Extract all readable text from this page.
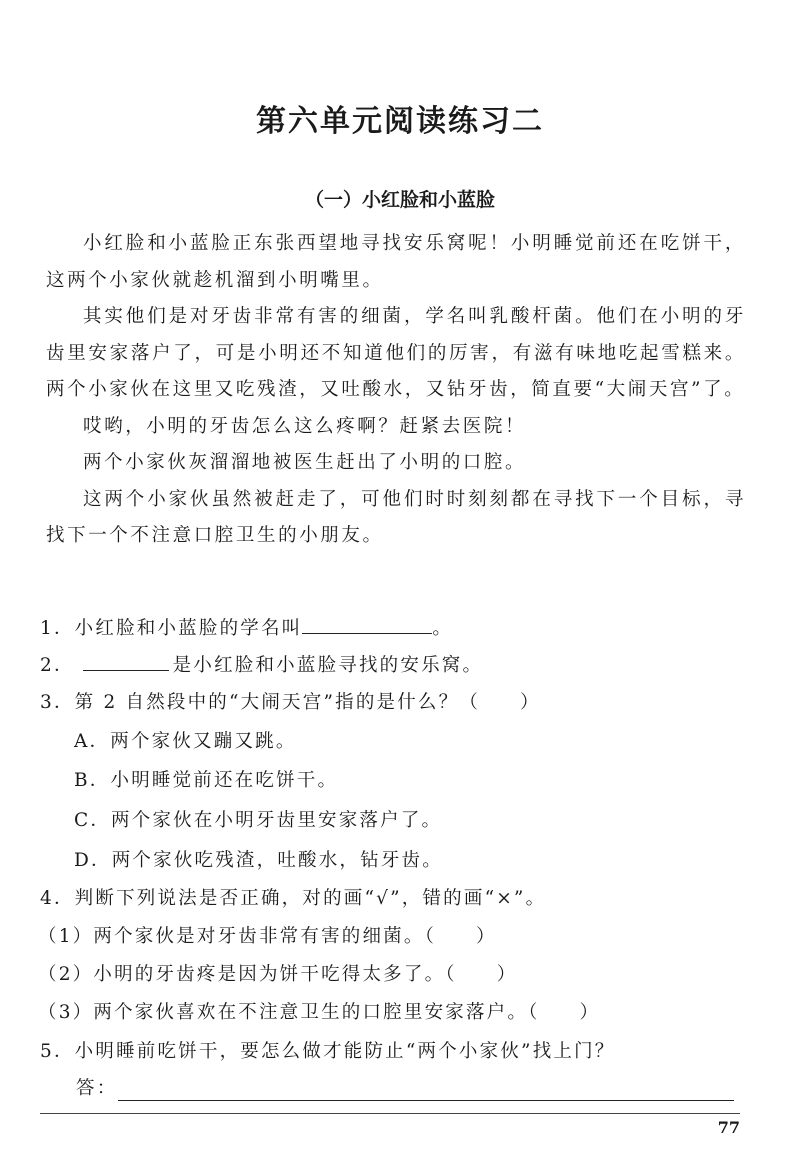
第六单元阅读练习二
（一）小红脸和小蓝脸

小红脸和小蓝脸正东张西望地寻找安乐窝呢！小明睡觉前还在吃饼干，这两个小家伙就趁机溜到小明嘴里。

其实他们是对牙齿非常有害的细菌，学名叫乳酸杆菌。他们在小明的牙齿里安家落户了，可是小明还不知道他们的厉害，有滋有味地吃起雪糕来。两个小家伙在这里又吃残渣，又吐酸水，又钻牙齿，简直要“大闹天宫”了。

哎哟，小明的牙齿怎么这么疼啊？赶紧去医院！

两个小家伙灰溜溜地被医生赶出了小明的口腔。

这两个小家伙虽然被赶走了，可他们时时刻刻都在寻找下一个目标，寻找下一个不注意口腔卫生的小朋友。

1．小红脸和小蓝脸的学名叫	。
2．	是小红脸和小蓝脸寻找的安乐窝。
3．第 2 自然段中的“大闹天宫”指的是什么？（ ）
A．两个家伙又蹦又跳。
B．小明睡觉前还在吃饼干。
C．两个家伙在小明牙齿里安家落户了。
D．两个家伙吃残渣，吐酸水，钻牙齿。
4．判断下列说法是否正确，对的画“√”，错的画“×”。
（1）两个家伙是对牙齿非常有害的细菌。（ ）
（2）小明的牙齿疼是因为饼干吃得太多了。（ ）
（3）两个家伙喜欢在不注意卫生的口腔里安家落户。（ ）
5．小明睡前吃饼干，要怎么做才能防止“两个小家伙”找上门？
答：
77
